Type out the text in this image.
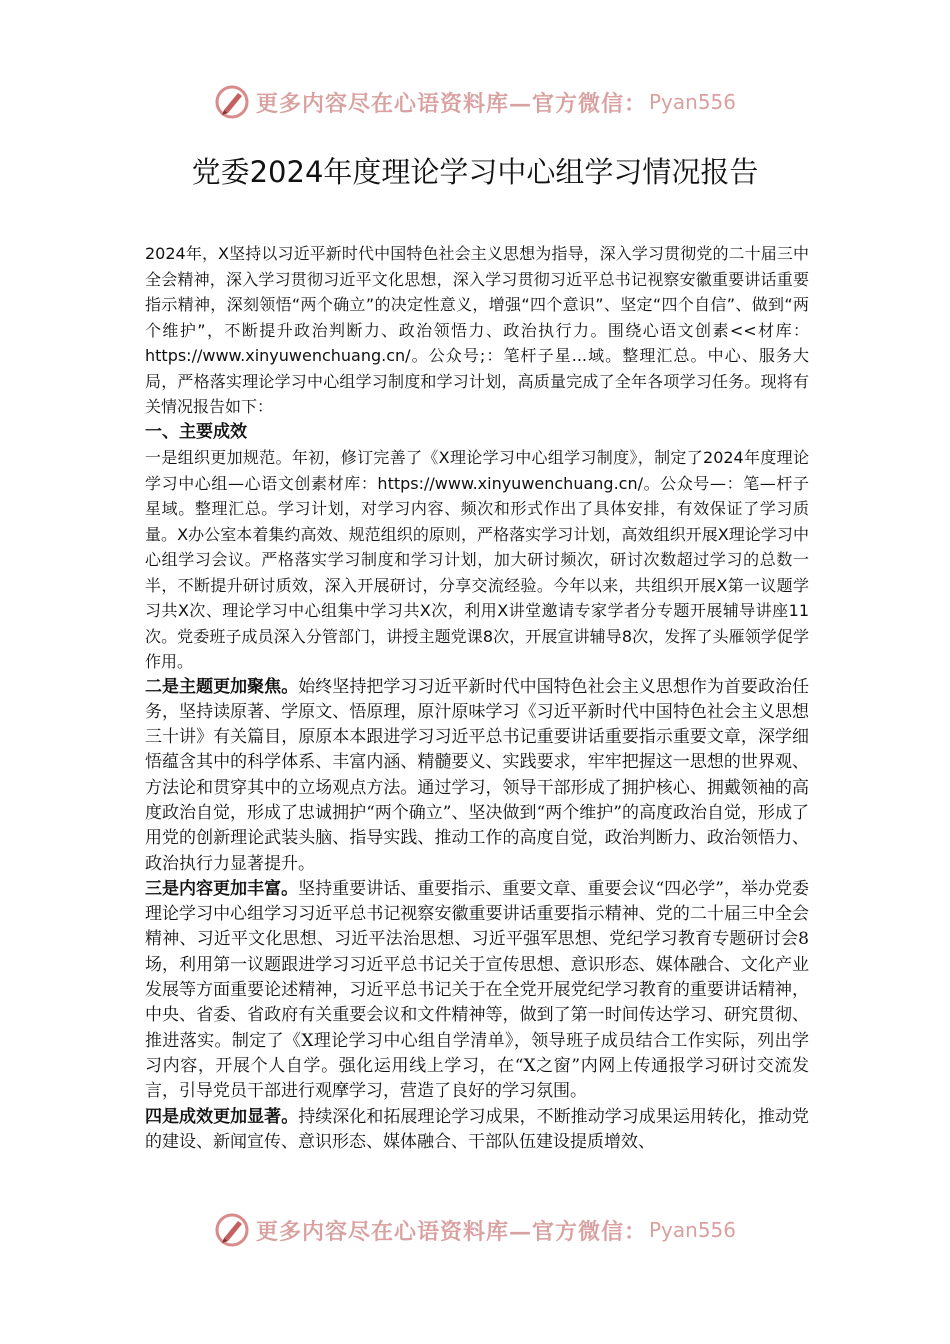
更多内容尽在心语资料库—官方微信： Pyan556
党委2024年度理论学习中心组学习情况报告

2024年，X坚持以习近平新时代中国特色社会主义思想为指导，深入学习贯彻党的二十届三中全会精神，深入学习贯彻习近平文化思想，深入学习贯彻习近平总书记视察安徽重要讲话重要指示精神，深刻领悟“两个确立”的决定性意义，增强“四个意识”、坚定“四个自信”、做到“两个维护”，不断提升政治判断力、政治领悟力、政治执行力。围绕心语文创素<<材库：https://www.xinyuwenchuang.cn/。公众号;：笔杆子星...域。整理汇总。中心、服务大局，严格落实理论学习中心组学习制度和学习计划，高质量完成了全年各项学习任务。现将有关情况报告如下：

一、主要成效

一是组织更加规范。年初，修订完善了《X理论学习中心组学习制度》，制定了2024年度理论学习中心组—心语文创素材库：https://www.xinyuwenchuang.cn/。公众号—：笔—杆子星域。整理汇总。学习计划，对学习内容、频次和形式作出了具体安排，有效保证了学习质量。X办公室本着集约高效、规范组织的原则，严格落实学习计划，高效组织开展X理论学习中心组学习会议。严格落实学习制度和学习计划，加大研讨频次，研讨次数超过学习的总数一半，不断提升研讨质效，深入开展研讨，分享交流经验。今年以来，共组织开展X第一议题学习共X次、理论学习中心组集中学习共X次，利用X讲堂邀请专家学者分专题开展辅导讲座11次。党委班子成员深入分管部门，讲授主题党课8次，开展宣讲辅导8次，发挥了头雁领学促学作用。

二是主题更加聚焦。始终坚持把学习习近平新时代中国特色社会主义思想作为首要政治任务，坚持读原著、学原文、悟原理，原汁原味学习《习近平新时代中国特色社会主义思想三十讲》有关篇目，原原本本跟进学习习近平总书记重要讲话重要指示重要文章，深学细悟蕴含其中的科学体系、丰富内涵、精髓要义、实践要求，牢牢把握这一思想的世界观、方法论和贯穿其中的立场观点方法。通过学习，领导干部形成了拥护核心、拥戴领袖的高度政治自觉，形成了忠诚拥护“两个确立”、坚决做到“两个维护”的高度政治自觉，形成了用党的创新理论武装头脑、指导实践、推动工作的高度自觉，政治判断力、政治领悟力、政治执行力显著提升。

三是内容更加丰富。坚持重要讲话、重要指示、重要文章、重要会议“四必学”，举办党委理论学习中心组学习习近平总书记视察安徽重要讲话重要指示精神、党的二十届三中全会精神、习近平文化思想、习近平法治思想、习近平强军思想、党纪学习教育专题研讨会8场，利用第一议题跟进学习习近平总书记关于宣传思想、意识形态、媒体融合、文化产业发展等方面重要论述精神，习近平总书记关于在全党开展党纪学习教育的重要讲话精神，中央、省委、省政府有关重要会议和文件精神等，做到了第一时间传达学习、研究贯彻、推进落实。制定了《X理论学习中心组自学清单》，领导班子成员结合工作实际，列出学习内容，开展个人自学。强化运用线上学习，在“X之窗”内网上传通报学习研讨交流发言，引导党员干部进行观摩学习，营造了良好的学习氛围。

四是成效更加显著。持续深化和拓展理论学习成果，不断推动学习成果运用转化，推动党的建设、新闻宣传、意识形态、媒体融合、干部队伍建设提质增效、

更多内容尽在心语资料库—官方微信： Pyan556
